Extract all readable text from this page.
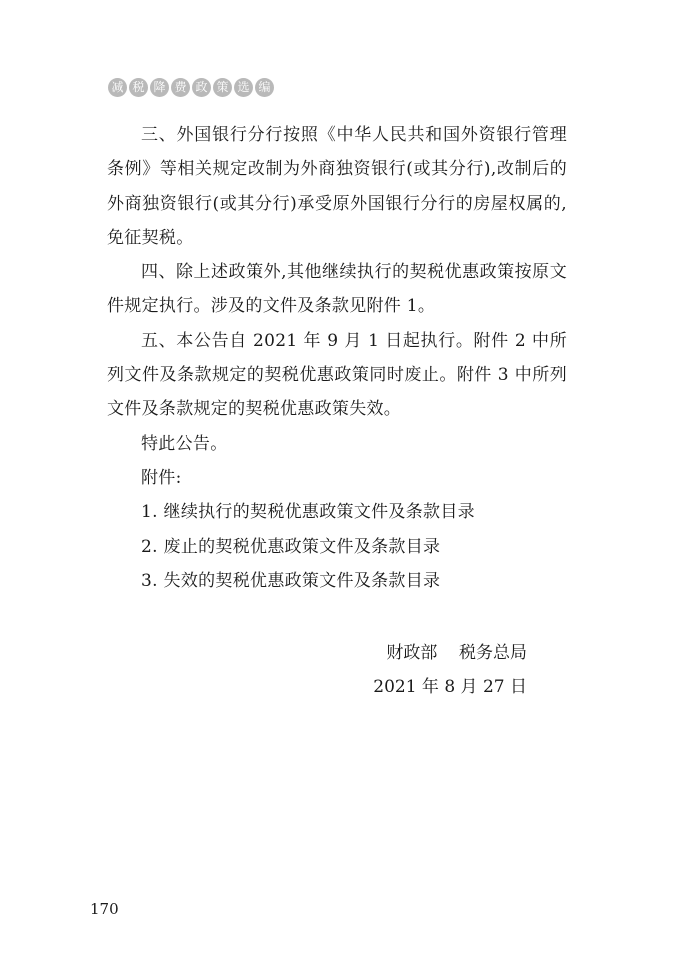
减 税 降 费 政 策 选 编

三、外国银行分行按照《中华人民共和国外资银行管理条例》等相关规定改制为外商独资银行(或其分行),改制后的外商独资银行(或其分行)承受原外国银行分行的房屋权属的,免征契税。

四、除上述政策外,其他继续执行的契税优惠政策按原文件规定执行。涉及的文件及条款见附件 1。

五、本公告自 2021 年 9 月 1 日起执行。附件 2 中所列文件及条款规定的契税优惠政策同时废止。附件 3 中所列文件及条款规定的契税优惠政策失效。

特此公告。

附件:

1. 继续执行的契税优惠政策文件及条款目录

2. 废止的契税优惠政策文件及条款目录

3. 失效的契税优惠政策文件及条款目录

财政部    税务总局
2021 年 8 月 27 日
170
